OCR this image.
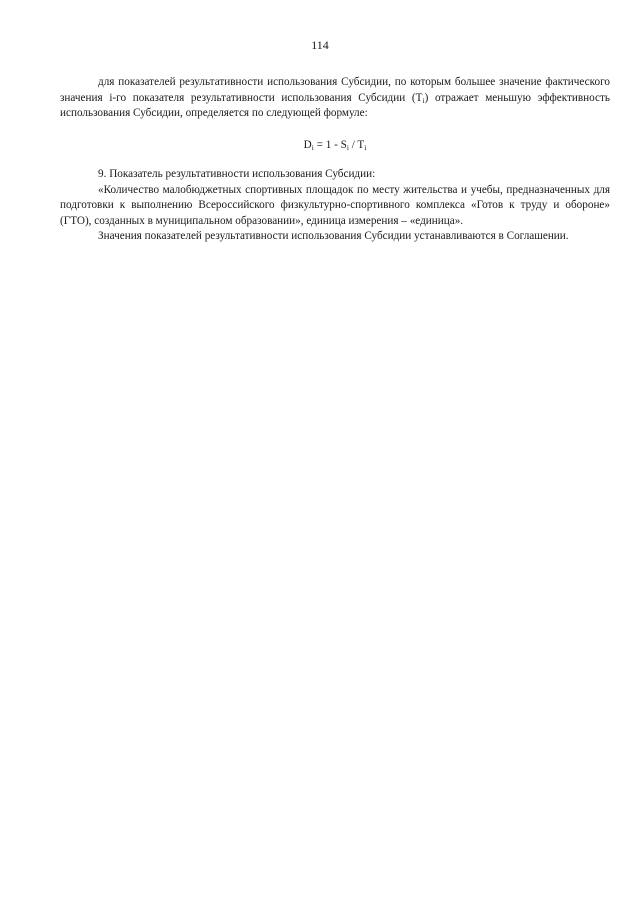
114

для показателей результативности использования Субсидии, по которым большее значение фактического значения i-го показателя результативности использования Субсидии $(T_i)$ отражает меньшую эффективность использования Субсидии, определяется по следующей формуле:

$D_i = 1 - S_i / T_i$

9. Показатель результативности использования Субсидии:

«Количество малобюджетных спортивных площадок по месту жительства и учебы, предназначенных для подготовки к выполнению Всероссийского физкультурно-спортивного комплекса «Готов к труду и обороне» (ГТО), созданных в муниципальном образовании», единица измерения – «единица».

Значения показателей результативности использования Субсидии устанавливаются в Соглашении.
